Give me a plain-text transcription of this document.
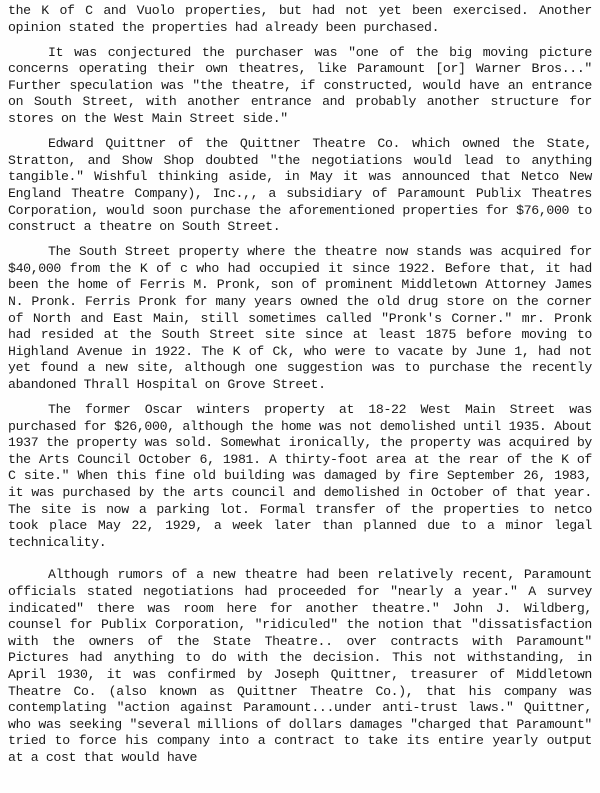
the K of C and Vuolo properties, but had not yet been exercised. Another opinion stated the properties had already been purchased.

It was conjectured the purchaser was "one of the big moving picture concerns operating their own theatres, like Paramount [or] Warner Bros..." Further speculation was "the theatre, if constructed, would have an entrance on South Street, with another entrance and probably another structure for stores on the West Main Street side."

Edward Quittner of the Quittner Theatre Co. which owned the State, Stratton, and Show Shop doubted "the negotiations would lead to anything tangible." Wishful thinking aside, in May it was announced that Netco New England Theatre Company), Inc.,, a subsidiary of Paramount Publix Theatres Corporation, would soon purchase the aforementioned properties for $76,000 to construct a theatre on South Street.

The South Street property where the theatre now stands was acquired for $40,000 from the K of c who had occupied it since 1922. Before that, it had been the home of Ferris M. Pronk, son of prominent Middletown Attorney James N. Pronk. Ferris Pronk for many years owned the old drug store on the corner of North and East Main, still sometimes called "Pronk's Corner." mr. Pronk had resided at the South Street site since at least 1875 before moving to Highland Avenue in 1922. The K of Ck, who were to vacate by June 1, had not yet found a new site, although one suggestion was to purchase the recently abandoned Thrall Hospital on Grove Street.

The former Oscar winters property at 18-22 West Main Street was purchased for $26,000, although the home was not demolished until 1935. About 1937 the property was sold. Somewhat ironically, the property was acquired by the Arts Council October 6, 1981. A thirty-foot area at the rear of the K of C site." When this fine old building was damaged by fire September 26, 1983, it was purchased by the arts council and demolished in October of that year. The site is now a parking lot. Formal transfer of the properties to netco took place May 22, 1929, a week later than planned due to a minor legal technicality.

Although rumors of a new theatre had been relatively recent, Paramount officials stated negotiations had proceeded for "nearly a year." A survey indicated" there was room here for another theatre." John J. Wildberg, counsel for Publix Corporation, "ridiculed" the notion that "dissatisfaction with the owners of the State Theatre.. over contracts with Paramount" Pictures had anything to do with the decision. This not withstanding, in April 1930, it was confirmed by Joseph Quittner, treasurer of Middletown Theatre Co. (also known as Quittner Theatre Co.), that his company was contemplating "action against Paramount...under anti-trust laws." Quittner, who was seeking "several millions of dollars damages "charged that Paramount" tried to force his company into a contract to take its entire yearly output at a cost that would have
